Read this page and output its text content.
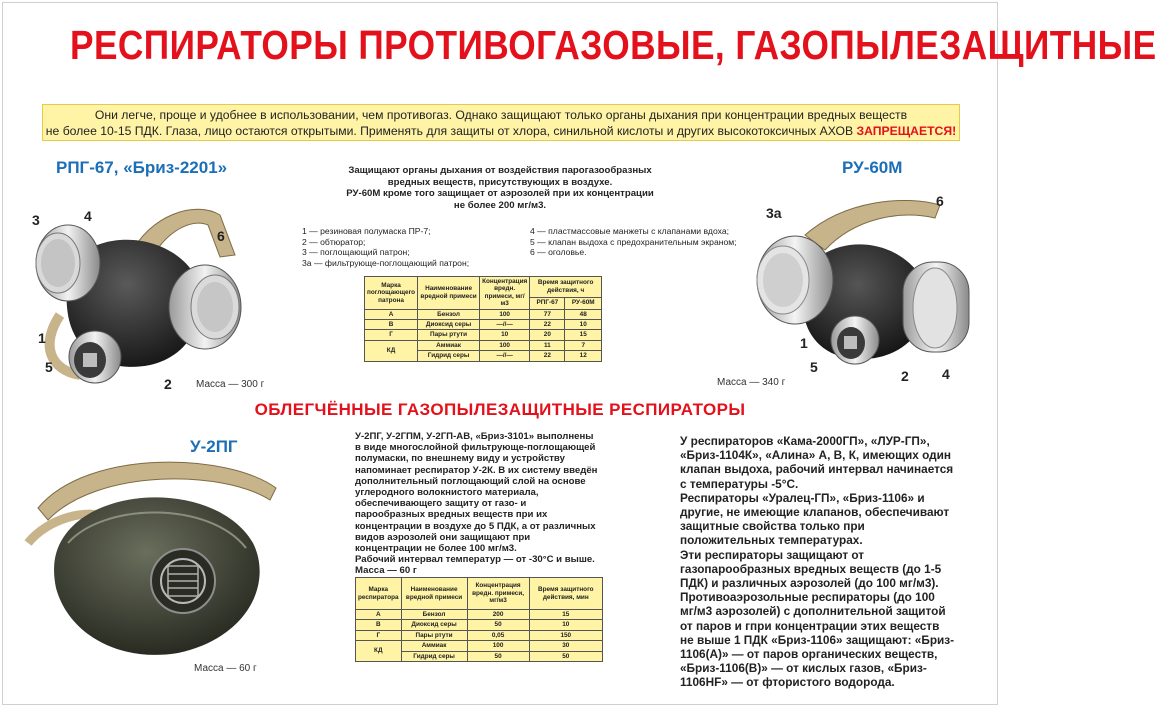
РЕСПИРАТОРЫ ПРОТИВОГАЗОВЫЕ, ГАЗОПЫЛЕЗАЩИТНЫЕ
Они легче, проще и удобнее в использовании, чем противогаз. Однако защищают только органы дыхания при концентрации вредных веществ
не более 10-15 ПДК. Глаза, лицо остаются открытыми. Применять для защиты от хлора, синильной кислоты и других высокотоксичных АХОВ ЗАПРЕЩАЕТСЯ!
РПГ-67, «Бриз-2201»
3	4
6
1
5
2 Масса — 300 г
Защищают органы дыхания от воздействия парогазообразных
вредных веществ, присутствующих в воздухе.
РУ-60М кроме того защищает от аэрозолей при их концентрации
не более 200 мг/м3.
1 — резиновая полумаска ПР-7;
2 — обтюратор;
3 — поглощающий патрон;
3а — фильтрующе-поглощающий патрон;
4 — пластмассовые манжеты с клапанами вдоха;
5 — клапан выдоха с предохранительным экраном;
6 — оголовье.
Марка поглощающего патрона	Наименование вредной примеси	Концентрация вредн. примеси, мг/м3	Время защитного действия, ч	
			РПГ-67	РУ-60М
А	Бензол	100	77	48
В	Диоксид серы	—//—	22	10
Г	Пары ртути	10	20	15
КД	Аммиак	100	11	7
	Гидрид серы	—//—	22	12
РУ-60М
3а
6
1
5
2 4
Масса — 340 г
ОБЛЕГЧЁННЫЕ ГАЗОПЫЛЕЗАЩИТНЫЕ РЕСПИРАТОРЫ
У-2ПГ
Масса — 60 г
У-2ПГ, У-2ГПМ, У-2ГП-АВ, «Бриз-3101» выполнены
в виде многослойной фильтрующе-поглощающей
полумаски, по внешнему виду и устройству
напоминает респиратор У-2К. В их систему введён
дополнительный поглощающий слой на основе
углеродного волокнистого материала,
обеспечивающего защиту от газо- и
парообразных вредных веществ при их
концентрации в воздухе до 5 ПДК, а от различных
видов аэрозолей они защищают при
концентрации не более 100 мг/м3.
Рабочий интервал температур — от -30°С и выше.
Масса — 60 г
Марка респиратора	Наименование вредной примеси	Концентрация вредн. примеси, мг/м3	Время защитного действия, мин
А	Бензол	200	15
В	Диоксид серы	50	10
Г	Пары ртути	0,05	150
КД	Аммиак	100	30
	Гидрид серы	50	50
У респираторов «Кама-2000ГП», «ЛУР-ГП»,
«Бриз-1104К», «Алина» А, В, К, имеющих один
клапан выдоха, рабочий интервал начинается
с температуры -5°С.
Респираторы «Уралец-ГП», «Бриз-1106» и
другие, не имеющие клапанов, обеспечивают
защитные свойства только при
положительных температурах.
Эти респираторы защищают от
газопарообразных вредных веществ (до 1-5
ПДК) и различных аэрозолей (до 100 мг/м3).
Противоаэрозольные респираторы (до 100
мг/м3 аэрозолей) с дополнительной защитой
от паров и гпри концентрации этих веществ
не выше 1 ПДК «Бриз-1106» защищают: «Бриз-
1106(А)» — от паров органических веществ,
«Бриз-1106(В)» — от кислых газов, «Бриз-
1106HF» — от фтористого водорода.
